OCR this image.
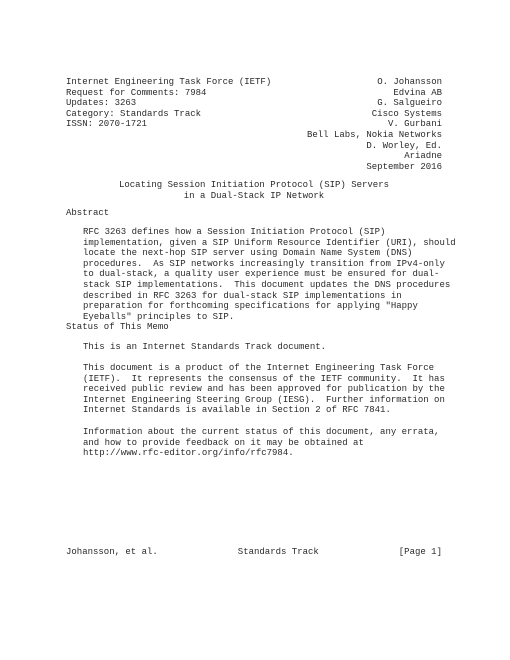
Internet Engineering Task Force (IETF)	O. Johansson
Request for Comments: 7984	Edvina AB
Updates: 3263	G. Salgueiro
Category: Standards Track	Cisco Systems
ISSN: 2070-1721	V. Gurbani
Bell Labs, Nokia Networks
D. Worley, Ed.
Ariadne
September 2016
Locating Session Initiation Protocol (SIP) Servers
in a Dual-Stack IP Network
Abstract
RFC 3263 defines how a Session Initiation Protocol (SIP)
implementation, given a SIP Uniform Resource Identifier (URI), should
locate the next-hop SIP server using Domain Name System (DNS)
procedures.  As SIP networks increasingly transition from IPv4-only
to dual-stack, a quality user experience must be ensured for dual-
stack SIP implementations.  This document updates the DNS procedures
described in RFC 3263 for dual-stack SIP implementations in
preparation for forthcoming specifications for applying "Happy
Eyeballs" principles to SIP.
Status of This Memo
This is an Internet Standards Track document.
This document is a product of the Internet Engineering Task Force
(IETF).  It represents the consensus of the IETF community.  It has
received public review and has been approved for publication by the
Internet Engineering Steering Group (IESG).  Further information on
Internet Standards is available in Section 2 of RFC 7841.
Information about the current status of this document, any errata,
and how to provide feedback on it may be obtained at
http://www.rfc-editor.org/info/rfc7984.
Johansson, et al.	Standards Track	[Page 1]
